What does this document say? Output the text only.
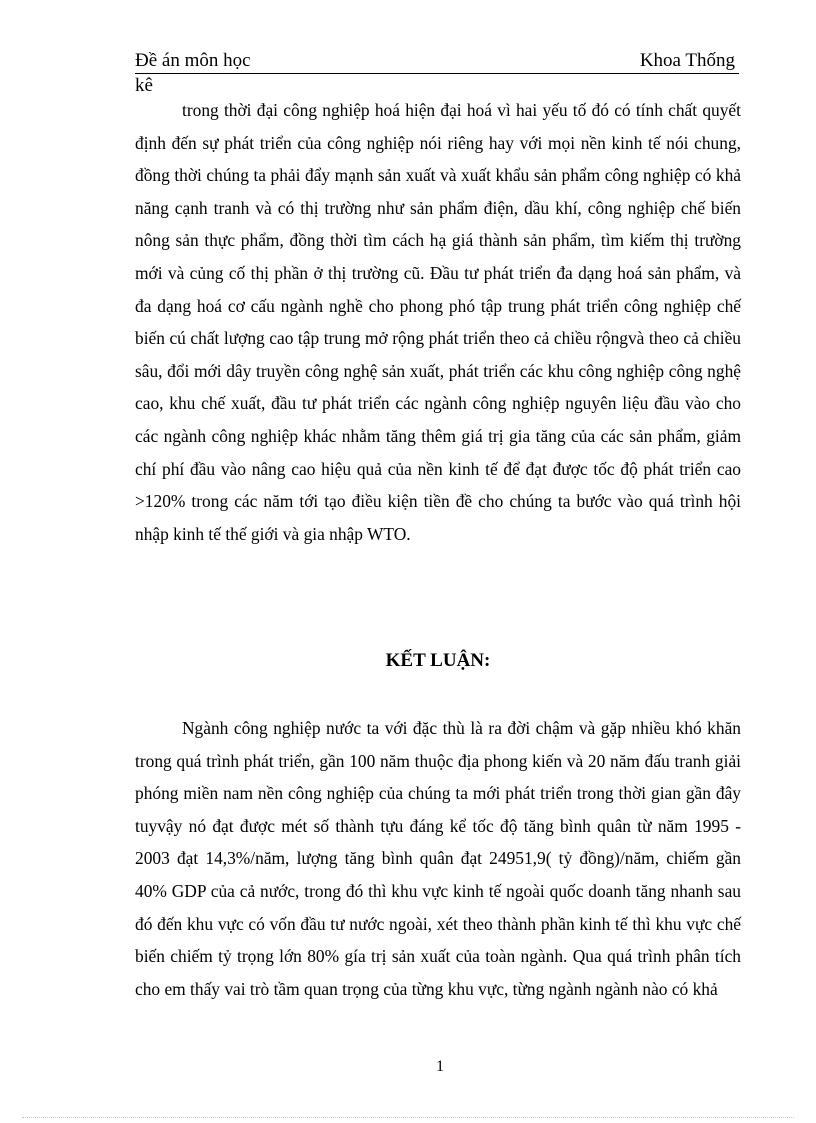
Đề án môn học	Khoa Thống
kê

trong thời đại công nghiệp hoá hiện đại hoá vì hai yếu tố đó có tính chất quyết định đến sự phát triển của công nghiệp nói riêng hay với mọi nền kinh tế nói chung, đồng thời chúng ta phải đẩy mạnh sản xuất và xuất khẩu sản phẩm công nghiệp có khả năng cạnh tranh và có thị trường như sản phẩm điện, dầu khí, công nghiệp chế biến nông sản thực phẩm, đồng thời tìm cách hạ giá thành sản phẩm, tìm kiếm thị trường mới và củng cố thị phần ở thị trường cũ. Đầu tư phát triển đa dạng hoá sản phẩm, và đa dạng hoá cơ cấu ngành nghề cho phong phó tập trung phát triển công nghiệp chế biến cú chất lượng cao tập trung mở rộng phát triển theo cả chiều rộngvà theo cả chiều sâu, đổi mới dây truyền công nghệ sản xuất, phát triển các khu công nghiệp công nghệ cao, khu chế xuất, đầu tư phát triển các ngành công nghiệp nguyên liệu đầu vào cho các ngành công nghiệp khác nhằm tăng thêm giá trị gia tăng của các sản phẩm, giảm chí phí đầu vào nâng cao hiệu quả của nền kinh tế để đạt được tốc độ phát triển cao >120% trong các năm tới tạo điều kiện tiền đề cho chúng ta bước vào quá trình hội nhập kinh tế thế giới và gia nhập WTO.

KẾT LUẬN:

Ngành công nghiệp nước ta với đặc thù là ra đời chậm và gặp nhiều khó khăn trong quá trình phát triển, gần 100 năm thuộc địa phong kiến và 20 năm đấu tranh giải phóng miền nam nền công nghiệp của chúng ta mới phát triển trong thời gian gần đây tuyvậy nó đạt được mét số thành tựu đáng kể tốc độ tăng bình quân từ năm 1995 - 2003 đạt 14,3%/năm, lượng tăng bình quân đạt 24951,9( tỷ đồng)/năm, chiếm gần 40% GDP của cả nước, trong đó thì khu vực kinh tế ngoài quốc doanh tăng nhanh sau đó đến khu vực có vốn đầu tư nước ngoài, xét theo thành phần kinh tế thì khu vực chế biến chiếm tỷ trọng lớn 80% gía trị sản xuất của toàn ngành. Qua quá trình phân tích cho em thấy vai trò tầm quan trọng của từng khu vực, từng ngành ngành nào có khả

1
